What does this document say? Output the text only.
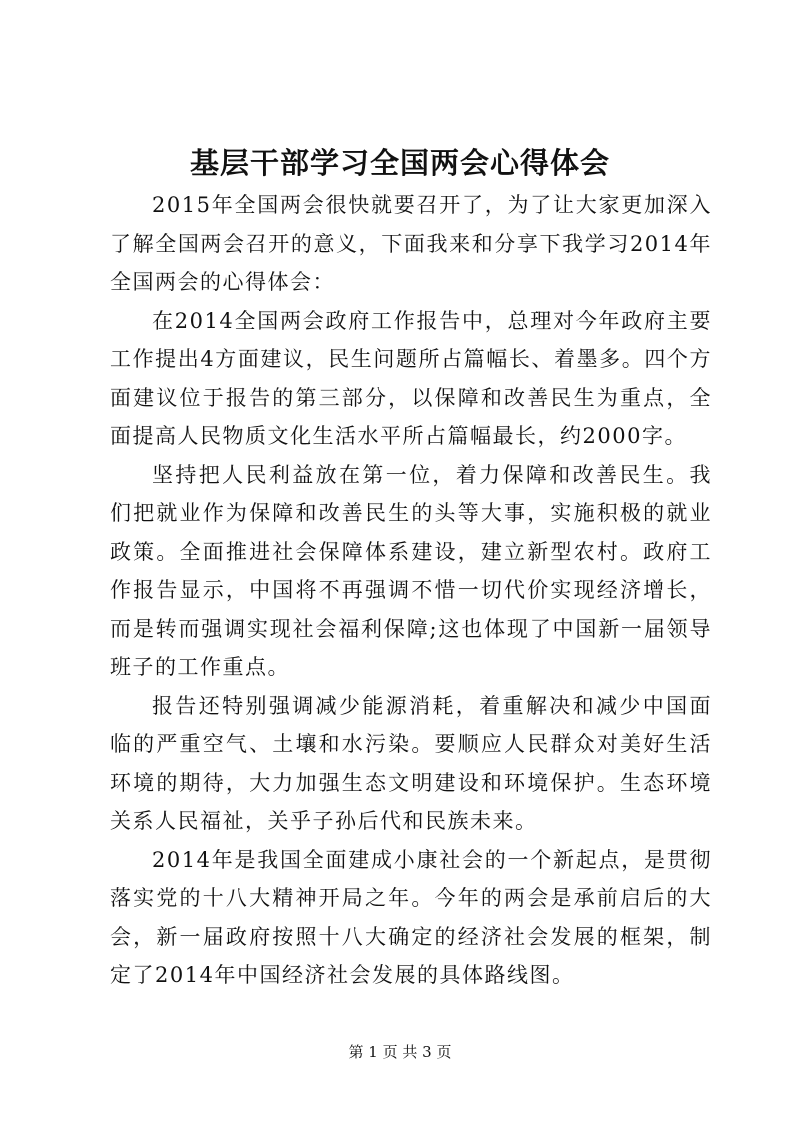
基层干部学习全国两会心得体会

2015年全国两会很快就要召开了，为了让大家更加深入了解全国两会召开的意义，下面我来和分享下我学习2014年全国两会的心得体会：

在2014全国两会政府工作报告中，总理对今年政府主要工作提出4方面建议，民生问题所占篇幅长、着墨多。四个方面建议位于报告的第三部分，以保障和改善民生为重点，全面提高人民物质文化生活水平所占篇幅最长，约2000字。

坚持把人民利益放在第一位，着力保障和改善民生。我们把就业作为保障和改善民生的头等大事，实施积极的就业政策。全面推进社会保障体系建设，建立新型农村。政府工作报告显示，中国将不再强调不惜一切代价实现经济增长，而是转而强调实现社会福利保障;这也体现了中国新一届领导班子的工作重点。

报告还特别强调减少能源消耗，着重解决和减少中国面临的严重空气、土壤和水污染。要顺应人民群众对美好生活环境的期待，大力加强生态文明建设和环境保护。生态环境关系人民福祉，关乎子孙后代和民族未来。

2014年是我国全面建成小康社会的一个新起点，是贯彻落实党的十八大精神开局之年。今年的两会是承前启后的大会，新一届政府按照十八大确定的经济社会发展的框架，制定了2014年中国经济社会发展的具体路线图。

第 1 页 共 3 页
